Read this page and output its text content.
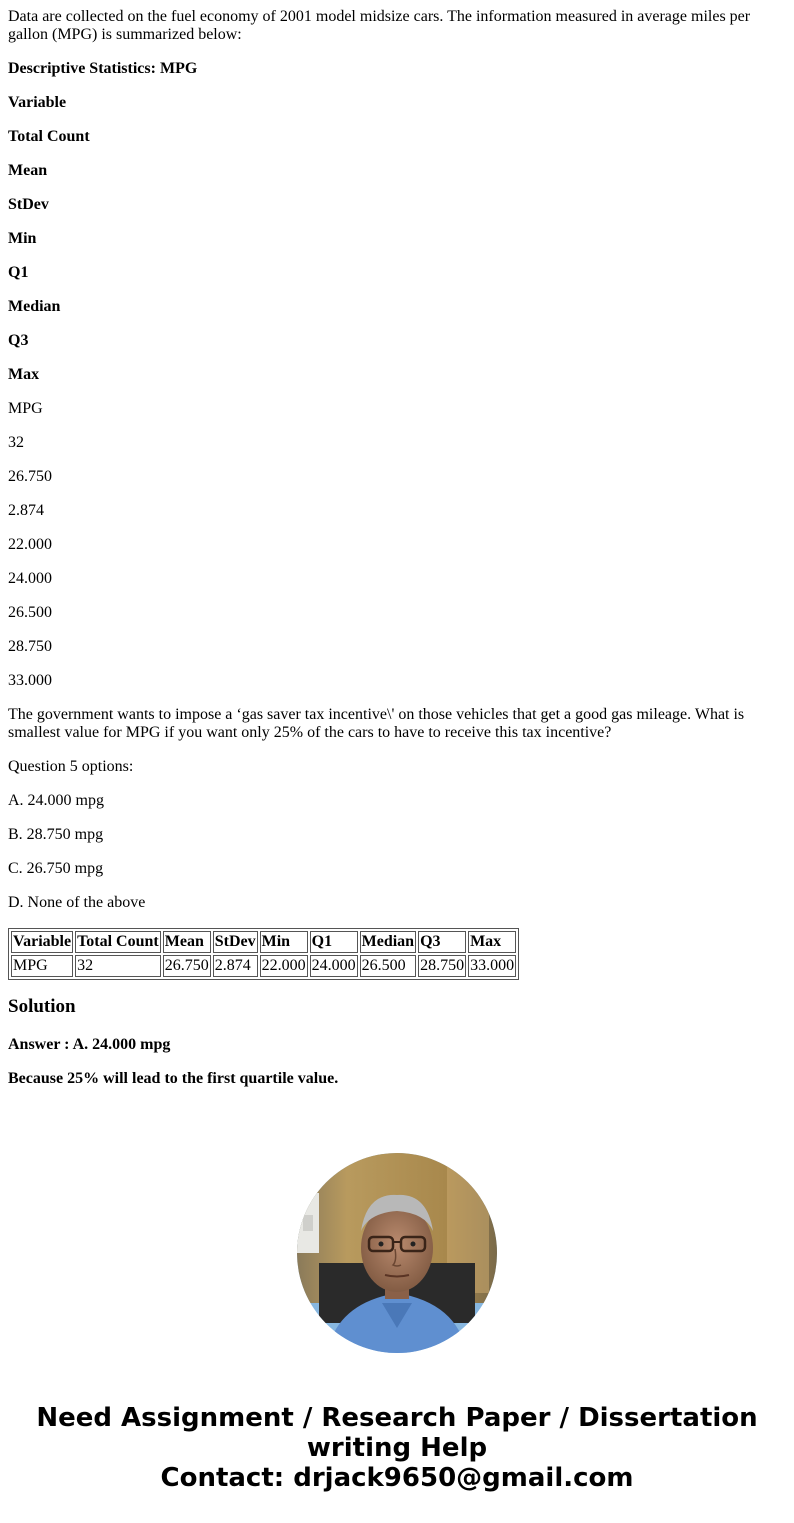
Data are collected on the fuel economy of 2001 model midsize cars. The information measured in average miles per gallon (MPG) is summarized below:

Descriptive Statistics: MPG

Variable

Total Count

Mean

StDev

Min

Q1

Median

Q3

Max

MPG

32

26.750

2.874

22.000

24.000

26.500

28.750

33.000

The government wants to impose a ‘gas saver tax incentive\' on those vehicles that get a good gas mileage. What is smallest value for MPG if you want only 25% of the cars to have to receive this tax incentive?

Question 5 options:

A. 24.000 mpg

B. 28.750 mpg

C. 26.750 mpg

D. None of the above

Variable	Total Count	Mean	StDev	Min	Q1	Median	Q3	Max
MPG	32	26.750	2.874	22.000	24.000	26.500	28.750	33.000
Solution

Answer : A. 24.000 mpg

Because 25% will lead to the first quartile value.

Need Assignment / Research Paper / Dissertation
writing Help
Contact: drjack9650@gmail.com
